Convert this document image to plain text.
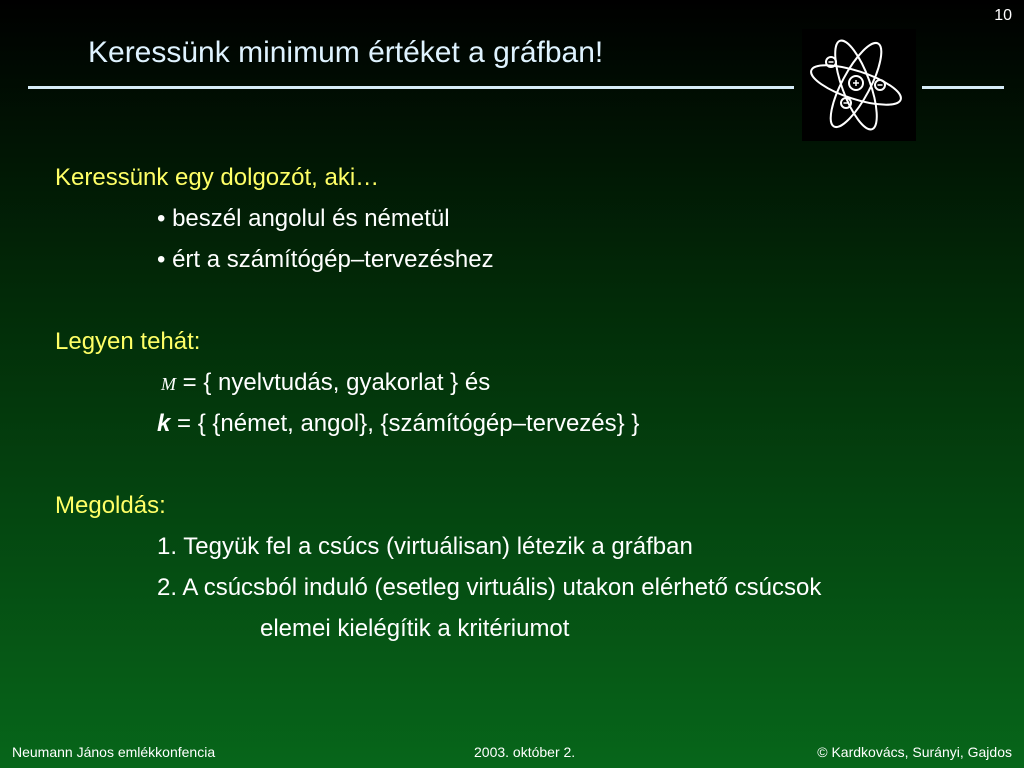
10
Keressünk minimum értéket a gráfban!
Keressünk egy dolgozót, aki…
• beszél angolul és németül
• ért a számítógép–tervezéshez
Legyen tehát:
M = { nyelvtudás, gyakorlat } és
k = { {német, angol}, {számítógép–tervezés} }
Megoldás:
1. Tegyük fel a csúcs (virtuálisan) létezik a gráfban
2. A csúcsból induló (esetleg virtuális) utakon elérhető csúcsok
elemei kielégítik a kritériumot
Neumann János emlékkonfencia	2003. október 2.	© Kardkovács, Surányi, Gajdos
